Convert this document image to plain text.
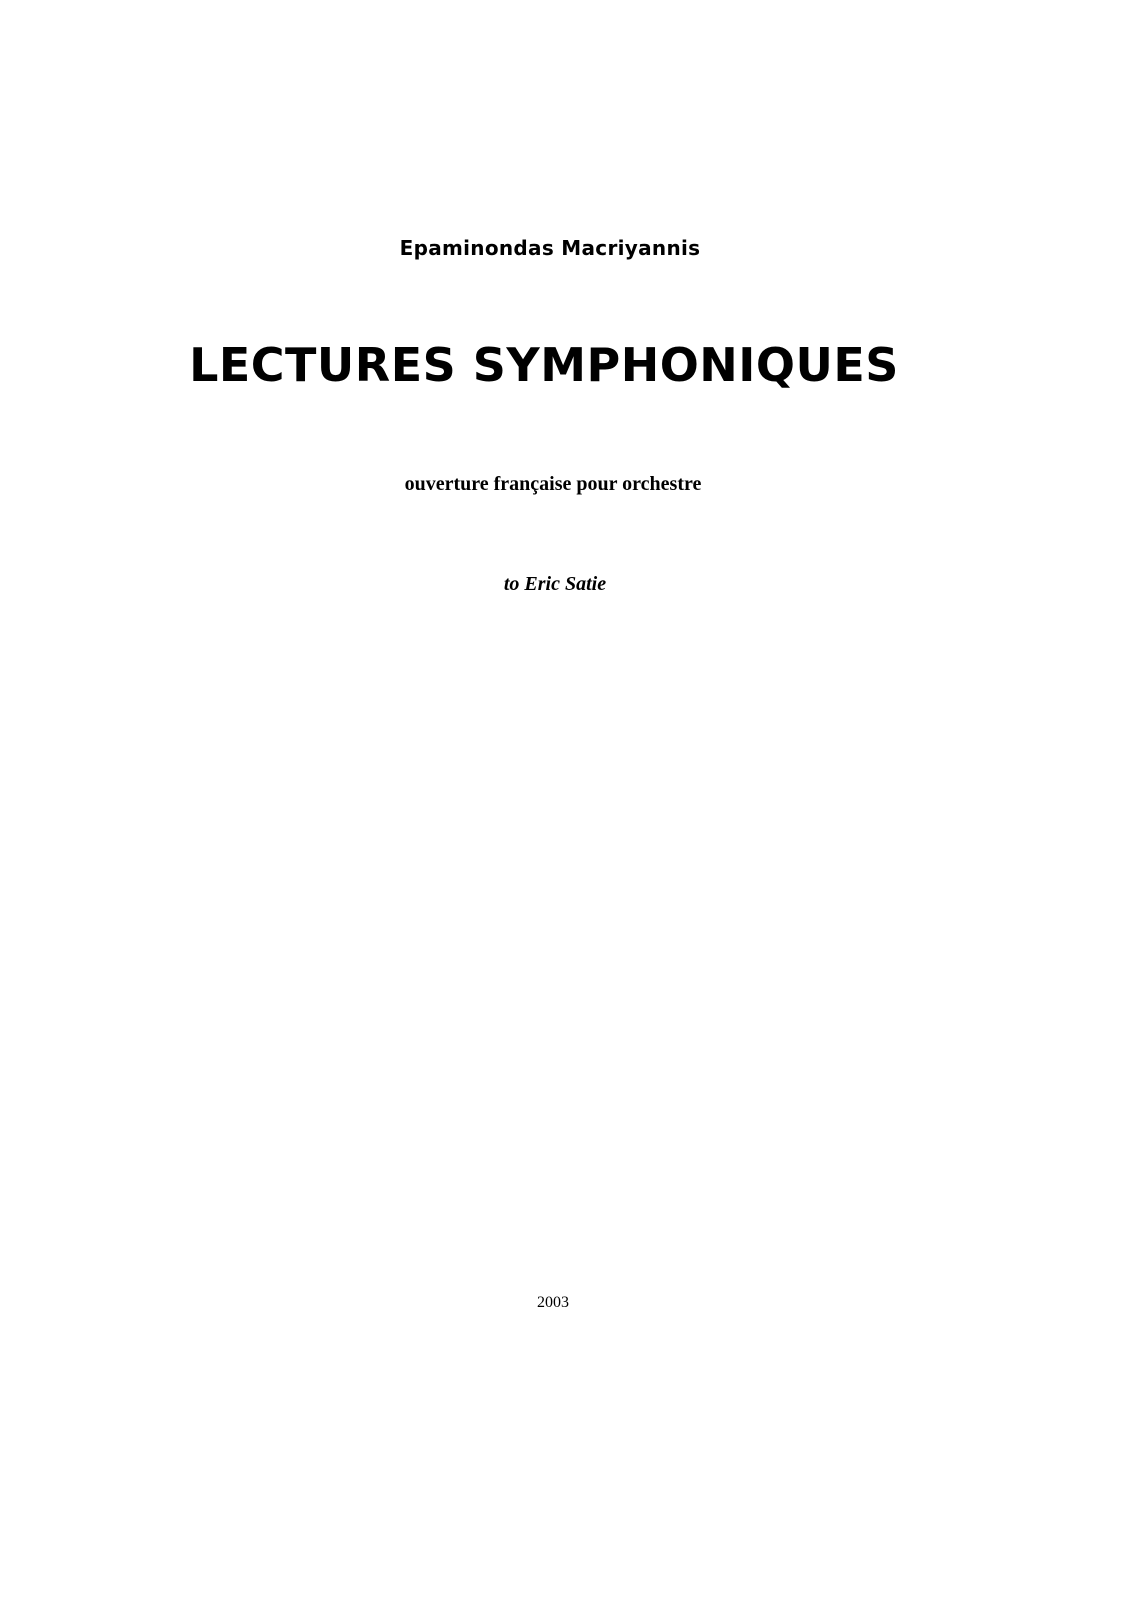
Epaminondas Macriyannis
LECTURES SYMPHONIQUES
ouverture française pour orchestre
to Eric Satie
2003
